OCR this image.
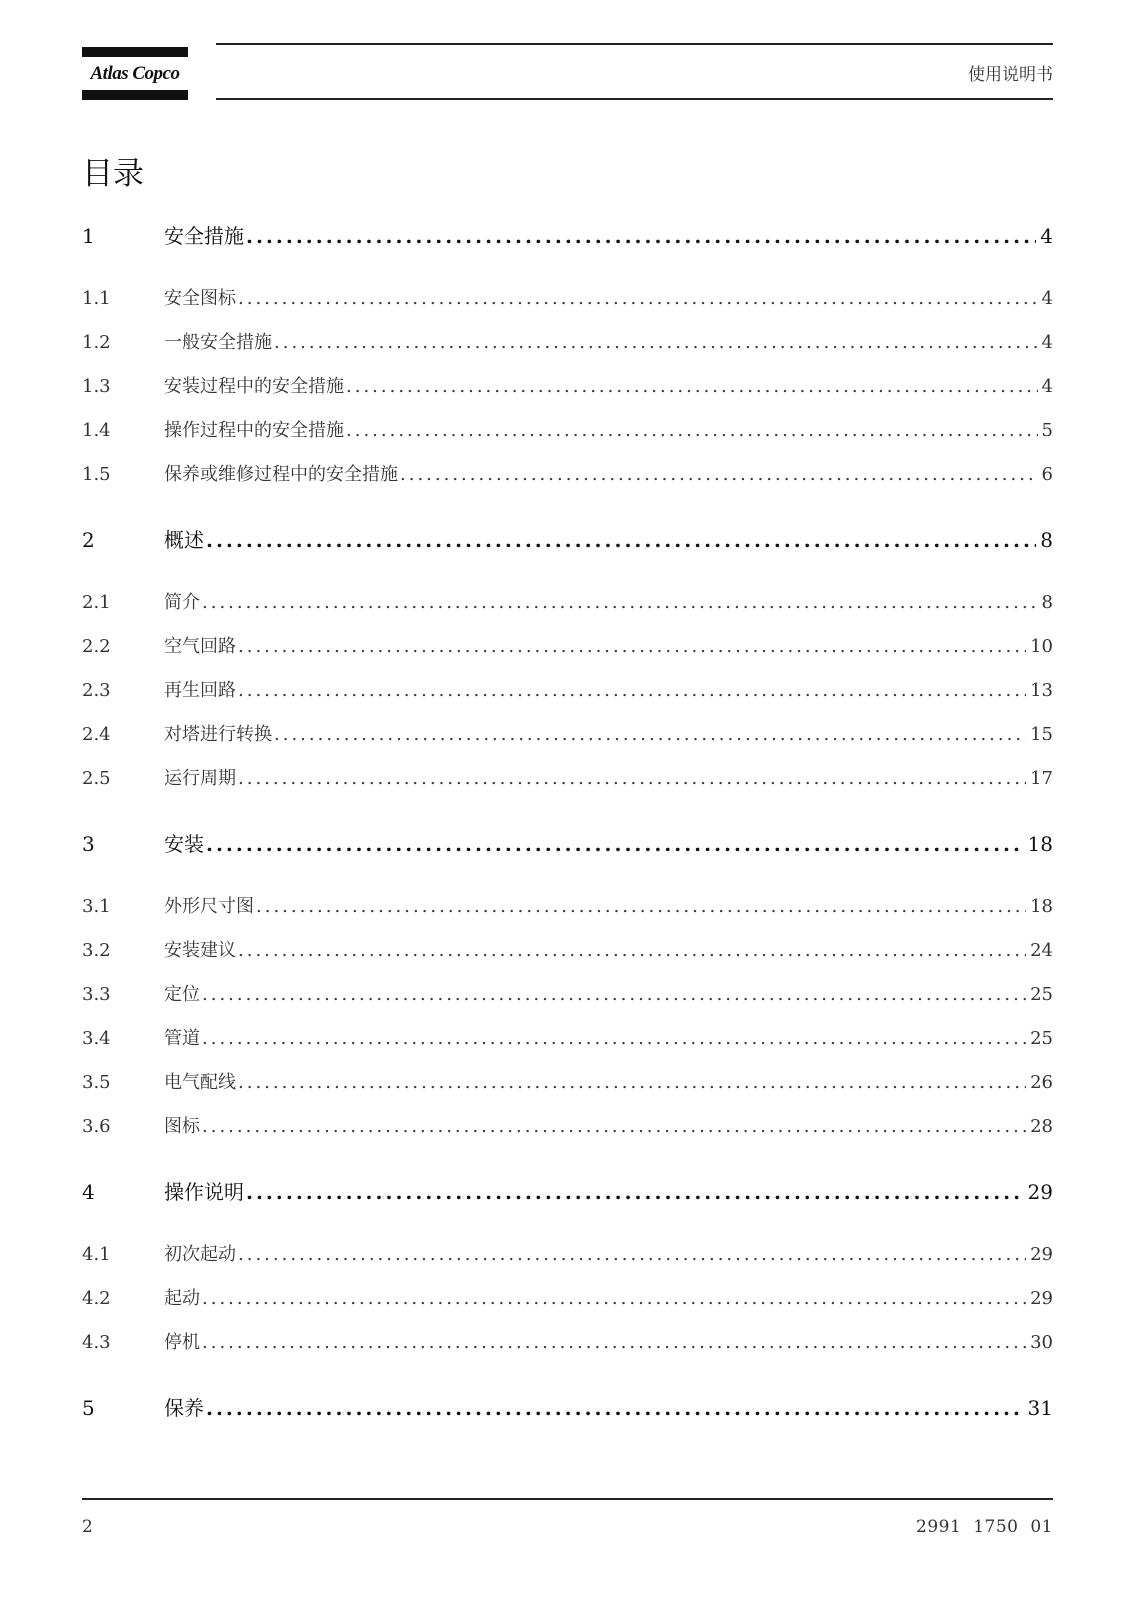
Atlas Copco	使用说明书
目录
1	安全措施 .....	4
1.1	安全图标 .....	4
1.2	一般安全措施 .....	4
1.3	安装过程中的安全措施 .....	4
1.4	操作过程中的安全措施 .....	5
1.5	保养或维修过程中的安全措施 .....	6
2	概述 .....	8
2.1	简介 .....	8
2.2	空气回路 .....	10
2.3	再生回路 .....	13
2.4	对塔进行转换 .....	15
2.5	运行周期 .....	17
3	安装 .....	18
3.1	外形尺寸图 .....	18
3.2	安装建议 .....	24
3.3	定位 .....	25
3.4	管道 .....	25
3.5	电气配线 .....	26
3.6	图标 .....	28
4	操作说明 .....	29
4.1	初次起动 .....	29
4.2	起动 .....	29
4.3	停机 .....	30
5	保养 .....	31
2	2991 1750 01
